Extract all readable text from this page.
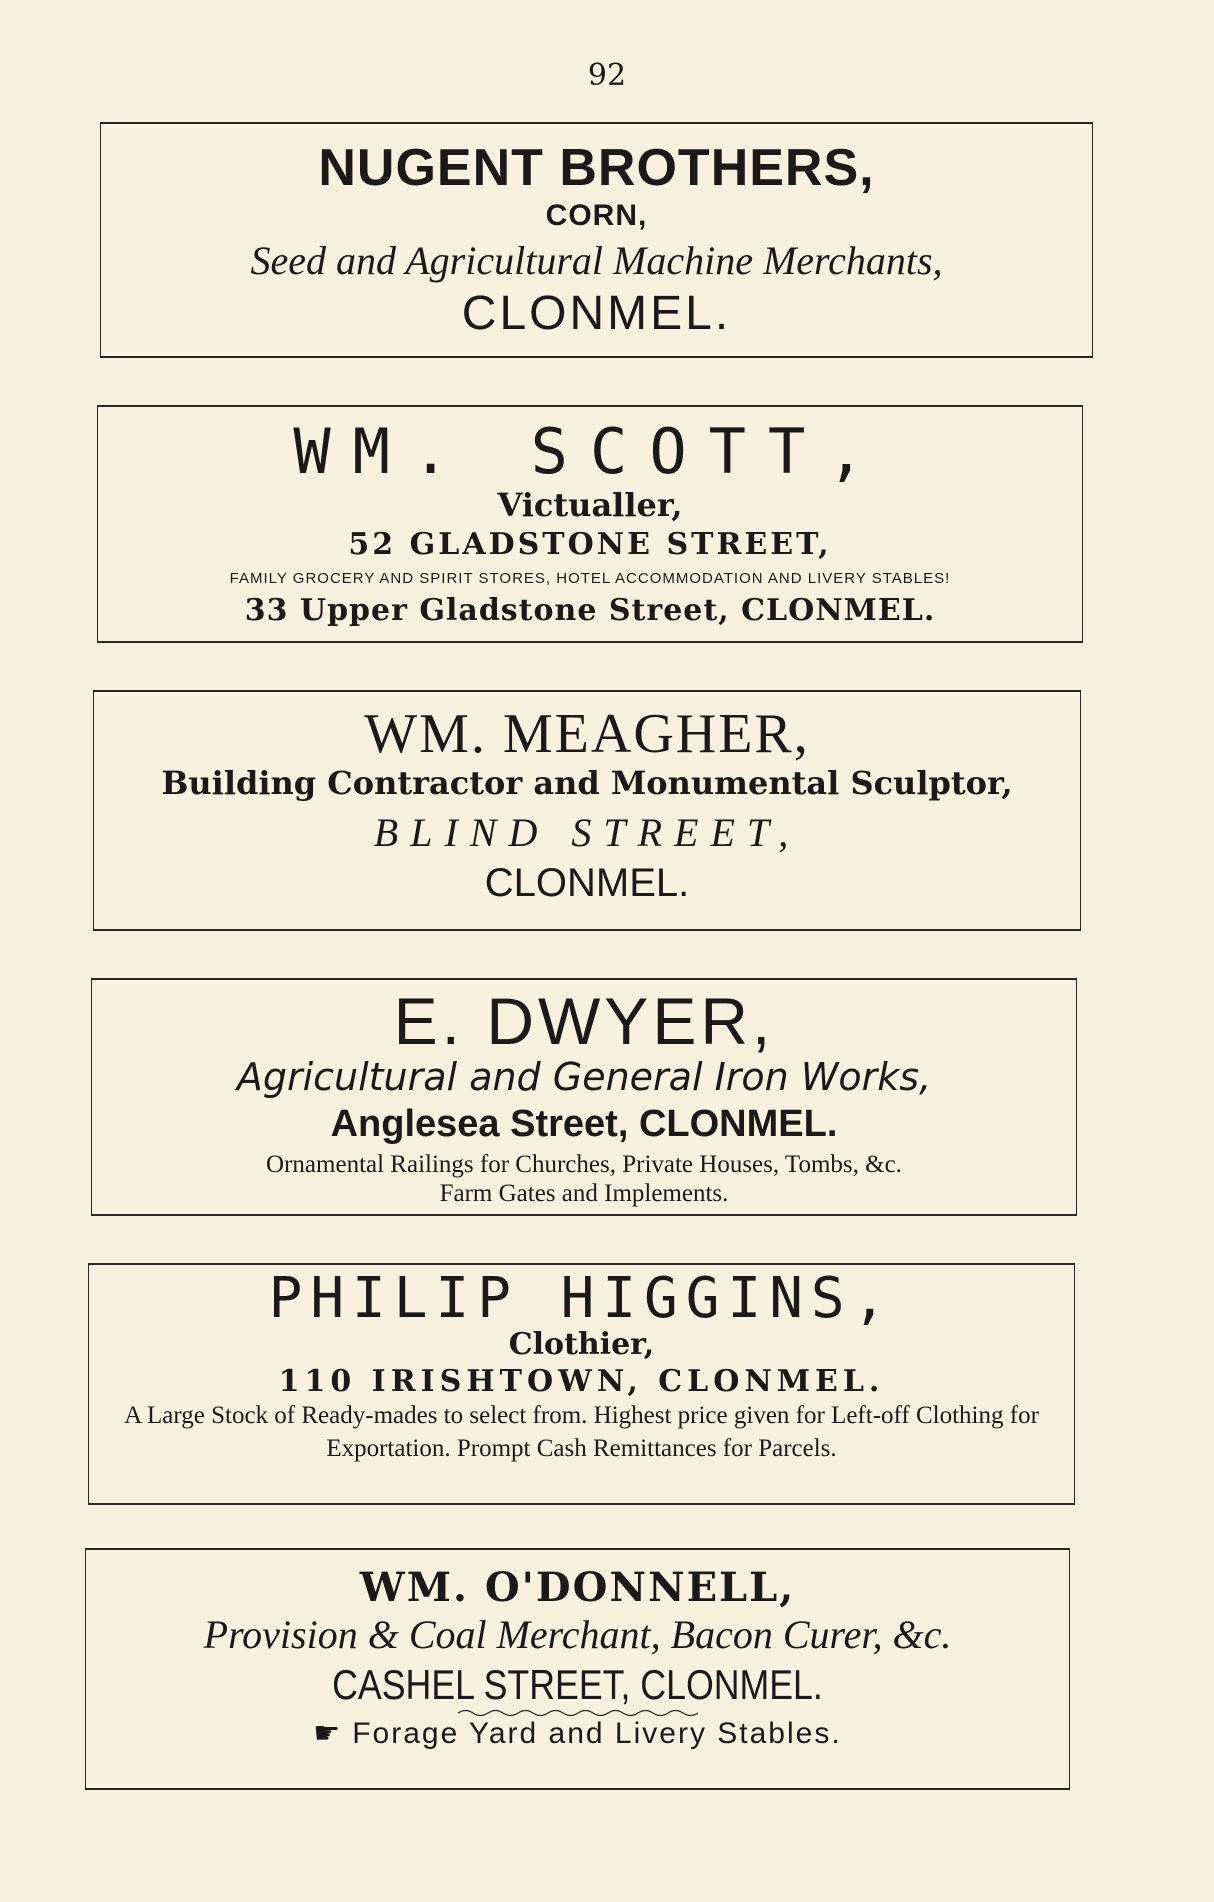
92
NUGENT BROTHERS,
CORN,
Seed and Agricultural Machine Merchants,
CLONMEL.
WM. SCOTT,
Victualler,
52 GLADSTONE STREET,
FAMILY GROCERY AND SPIRIT STORES, HOTEL ACCOMMODATION AND LIVERY STABLES!
33 Upper Gladstone Street, CLONMEL.
WM. MEAGHER,
Building Contractor and Monumental Sculptor,
BLIND STREET,
CLONMEL.
E. DWYER,
Agricultural and General Iron Works,
Anglesea Street, CLONMEL.
Ornamental Railings for Churches, Private Houses, Tombs, &c.
Farm Gates and Implements.
PHILIP HIGGINS,
Clothier,
110 IRISHTOWN, CLONMEL.
A Large Stock of Ready-mades to select from. Highest price given for Left-off Clothing for Exportation. Prompt Cash Remittances for Parcels.
WM. O'DONNELL,
Provision & Coal Merchant, Bacon Curer, &c.
CASHEL STREET, CLONMEL.
☛ Forage Yard and Livery Stables.
